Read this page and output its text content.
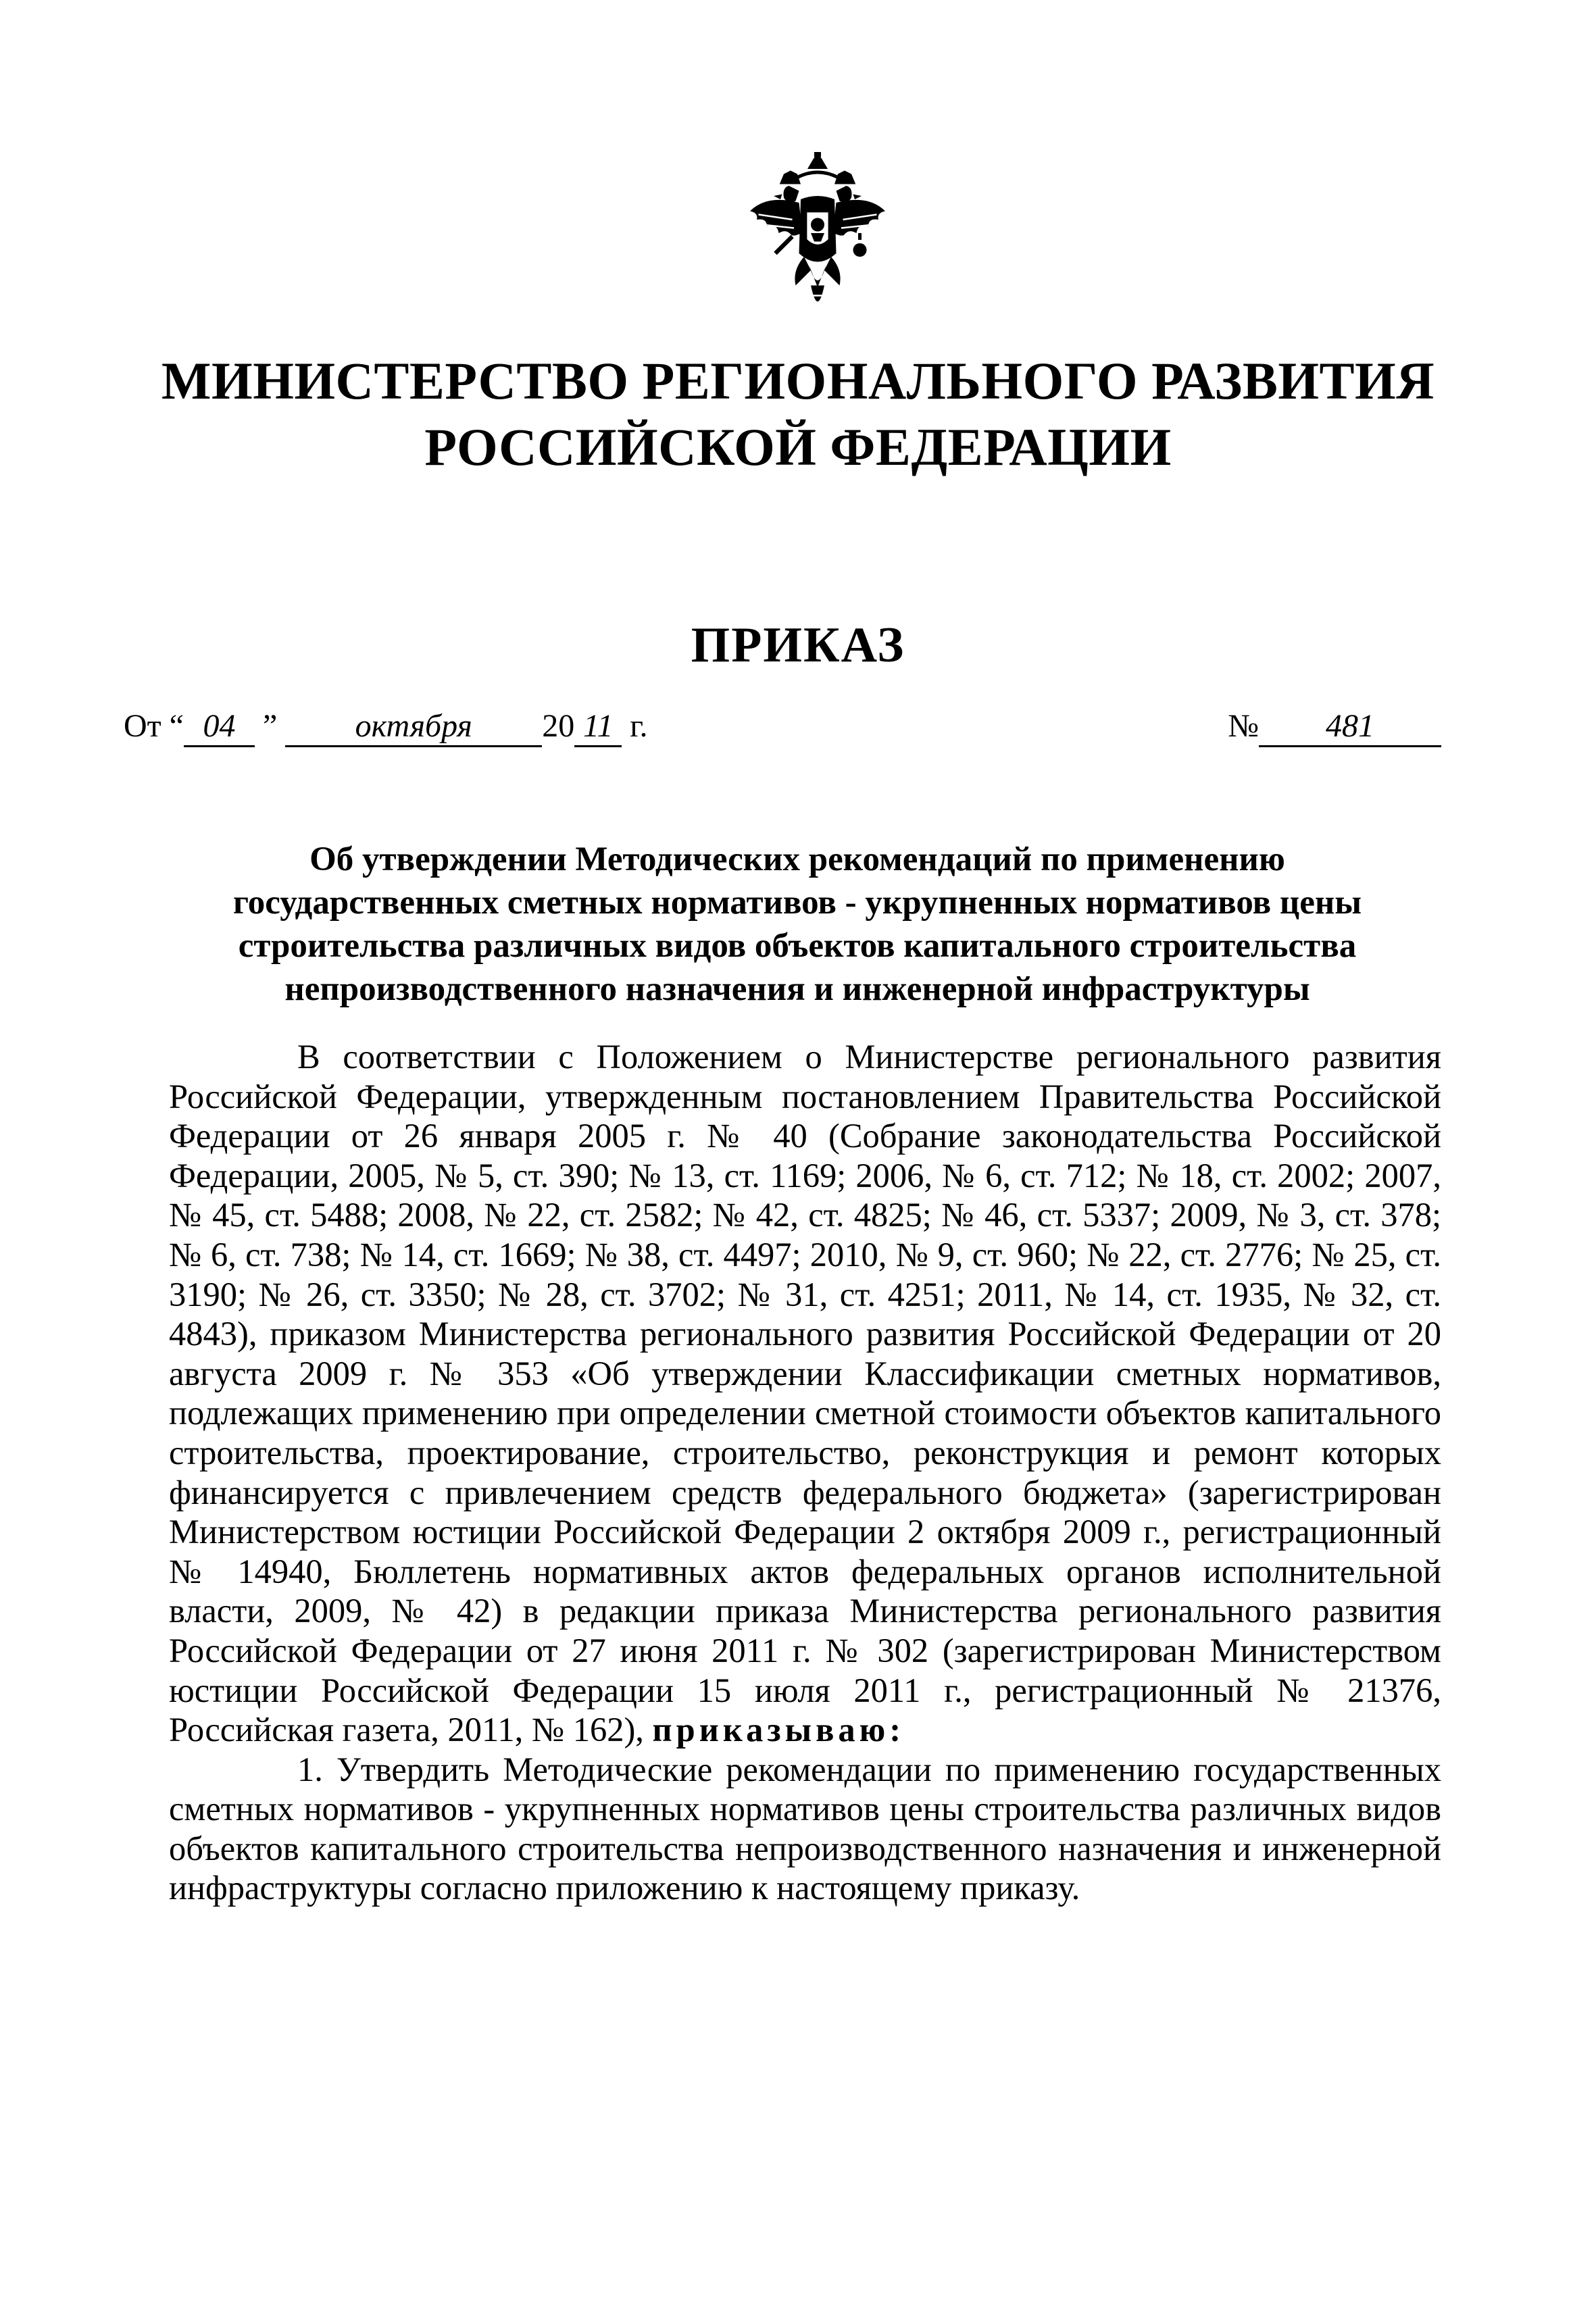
МИНИСТЕРСТВО РЕГИОНАЛЬНОГО РАЗВИТИЯ
РОССИЙСКОЙ ФЕДЕРАЦИИ
ПРИКАЗ
От “ 04 ” октября 20 11 г.	№ 481
Об утверждении Методических рекомендаций по применению
государственных сметных нормативов - укрупненных нормативов цены
строительства различных видов объектов капитального строительства
непроизводственного назначения и инженерной инфраструктуры

В соответствии с Положением о Министерстве регионального развития Российской Федерации, утвержденным постановлением Правительства Российской Федерации от 26 января 2005 г. № 40 (Собрание законодательства Российской Федерации, 2005, № 5, ст. 390; № 13, ст. 1169; 2006, № 6, ст. 712; № 18, ст. 2002; 2007, № 45, ст. 5488; 2008, № 22, ст. 2582; № 42, ст. 4825; № 46, ст. 5337; 2009, № 3, ст. 378; № 6, ст. 738; № 14, ст. 1669; № 38, ст. 4497; 2010, № 9, ст. 960; № 22, ст. 2776; № 25, ст. 3190; № 26, ст. 3350; № 28, ст. 3702; № 31, ст. 4251; 2011, № 14, ст. 1935, № 32, ст. 4843), приказом Министерства регионального развития Российской Федерации от 20 августа 2009 г. № 353 «Об утверждении Классификации сметных нормативов, подлежащих применению при определении сметной стоимости объектов капитального строительства, проектирование, строительство, реконструкция и ремонт которых финансируется с привлечением средств федерального бюджета» (зарегистрирован Министерством юстиции Российской Федерации 2 октября 2009 г., регистрационный № 14940, Бюллетень нормативных актов федеральных органов исполнительной власти, 2009, № 42) в редакции приказа Министерства регионального развития Российской Федерации от 27 июня 2011 г. № 302 (зарегистрирован Министерством юстиции Российской Федерации 15 июля 2011 г., регистрационный № 21376, Российская газета, 2011, № 162), приказываю:

1. Утвердить Методические рекомендации по применению государственных сметных нормативов - укрупненных нормативов цены строительства различных видов объектов капитального строительства непроизводственного назначения и инженерной инфраструктуры согласно приложению к настоящему приказу.
